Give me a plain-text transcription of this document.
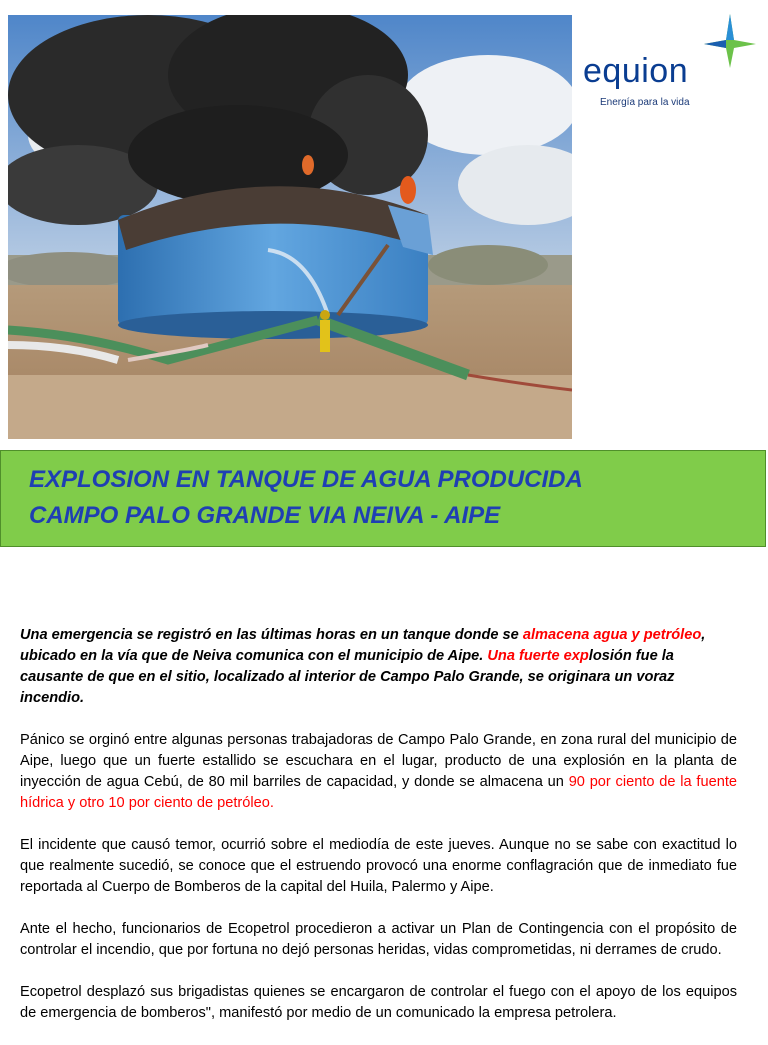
equion
Energía para la vida
EXPLOSION EN TANQUE DE AGUA PRODUCIDA
CAMPO PALO GRANDE VIA NEIVA - AIPE

Una emergencia se registró en las últimas horas en un tanque donde se almacena agua y petróleo, ubicado en la vía que de Neiva comunica con el municipio de Aipe. Una fuerte explosión fue la causante de que en el sitio, localizado al interior de Campo Palo Grande, se originara un voraz incendio.

Pánico se orginó entre algunas personas trabajadoras de Campo Palo Grande, en zona rural del municipio de Aipe, luego que un fuerte estallido se escuchara en el lugar, producto de una explosión en la planta de inyección de agua Cebú, de 80 mil barriles de capacidad, y donde se almacena un 90 por ciento de la fuente hídrica y otro 10 por ciento de petróleo.

El incidente que causó temor, ocurrió sobre el mediodía de este jueves. Aunque no se sabe con exactitud lo que realmente sucedió, se conoce que el estruendo provocó una enorme conflagración que de inmediato fue reportada al Cuerpo de Bomberos de la capital del Huila, Palermo y Aipe.

Ante el hecho, funcionarios de Ecopetrol procedieron a activar un Plan de Contingencia con el propósito de controlar el incendio, que por fortuna no dejó personas heridas, vidas comprometidas, ni derrames de crudo.

Ecopetrol desplazó sus brigadistas quienes se encargaron de controlar el fuego con el apoyo de los equipos de emergencia de bomberos", manifestó por medio de un comunicado la empresa petrolera.
